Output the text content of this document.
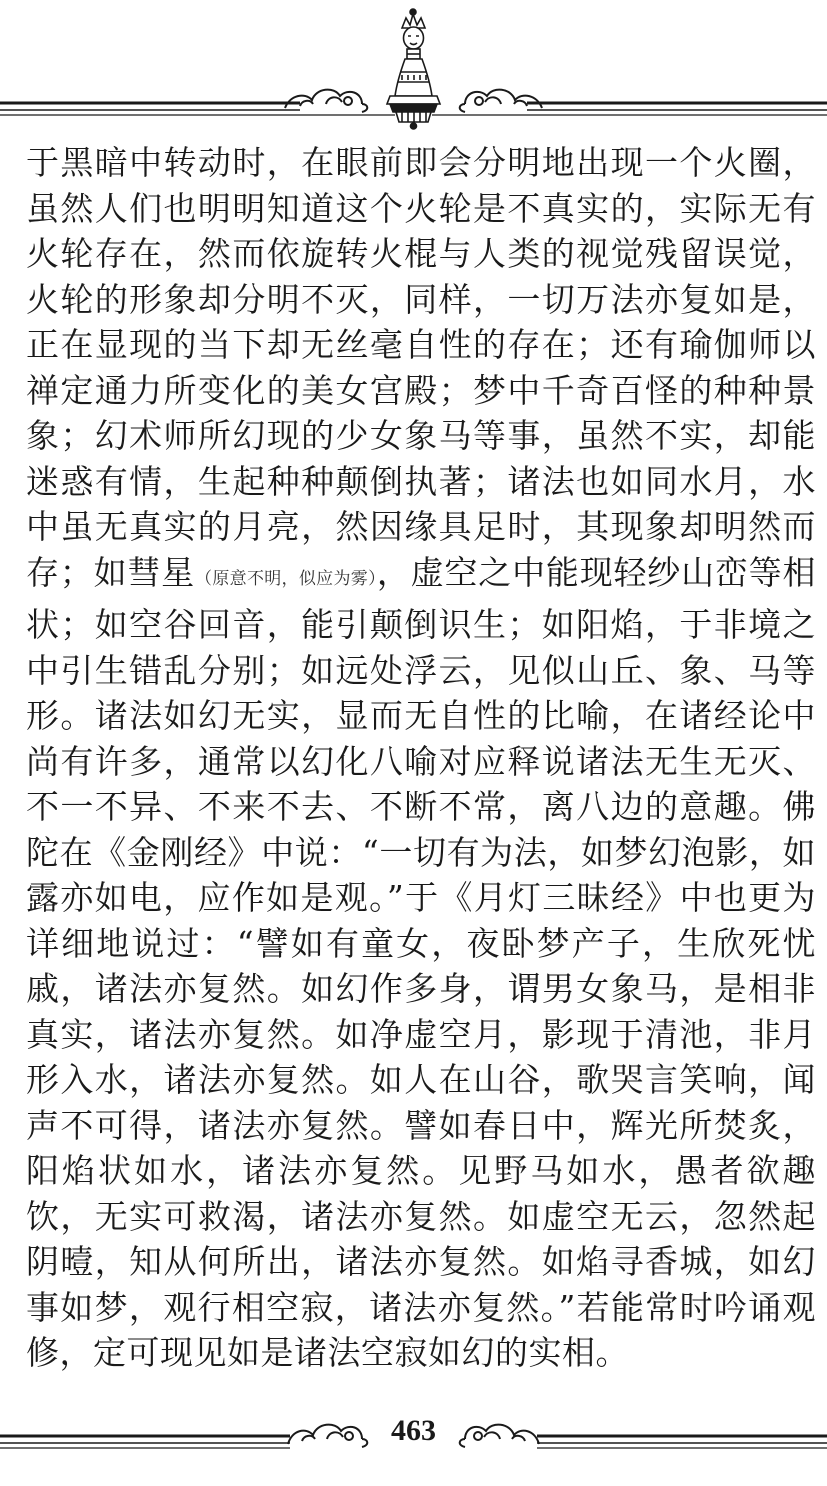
于黑暗中转动时，在眼前即会分明地出现一个火圈，虽然人们也明明知道这个火轮是不真实的，实际无有火轮存在，然而依旋转火棍与人类的视觉残留误觉，火轮的形象却分明不灭，同样，一切万法亦复如是，正在显现的当下却无丝毫自性的存在；还有瑜伽师以禅定通力所变化的美女宫殿；梦中千奇百怪的种种景象；幻术师所幻现的少女象马等事，虽然不实，却能迷惑有情，生起种种颠倒执著；诸法也如同水月，水中虽无真实的月亮，然因缘具足时，其现象却明然而存；如彗星（原意不明，似应为雾），虚空之中能现轻纱山峦等相状；如空谷回音，能引颠倒识生；如阳焰，于非境之中引生错乱分别；如远处浮云，见似山丘、象、马等形。诸法如幻无实，显而无自性的比喻，在诸经论中尚有许多，通常以幻化八喻对应释说诸法无生无灭、不一不异、不来不去、不断不常，离八边的意趣。佛陀在《金刚经》中说：“一切有为法，如梦幻泡影，如露亦如电，应作如是观。”于《月灯三昧经》中也更为详细地说过：“譬如有童女，夜卧梦产子，生欣死忧戚，诸法亦复然。如幻作多身，谓男女象马，是相非真实，诸法亦复然。如净虚空月，影现于清池，非月形入水，诸法亦复然。如人在山谷，歌哭言笑响，闻声不可得，诸法亦复然。譬如春日中，辉光所焚炙，阳焰状如水，诸法亦复然。见野马如水，愚者欲趣饮，无实可救渴，诸法亦复然。如虚空无云，忽然起阴曀，知从何所出，诸法亦复然。如焰寻香城，如幻事如梦，观行相空寂，诸法亦复然。”若能常时吟诵观修，定可现见如是诸法空寂如幻的实相。
463
